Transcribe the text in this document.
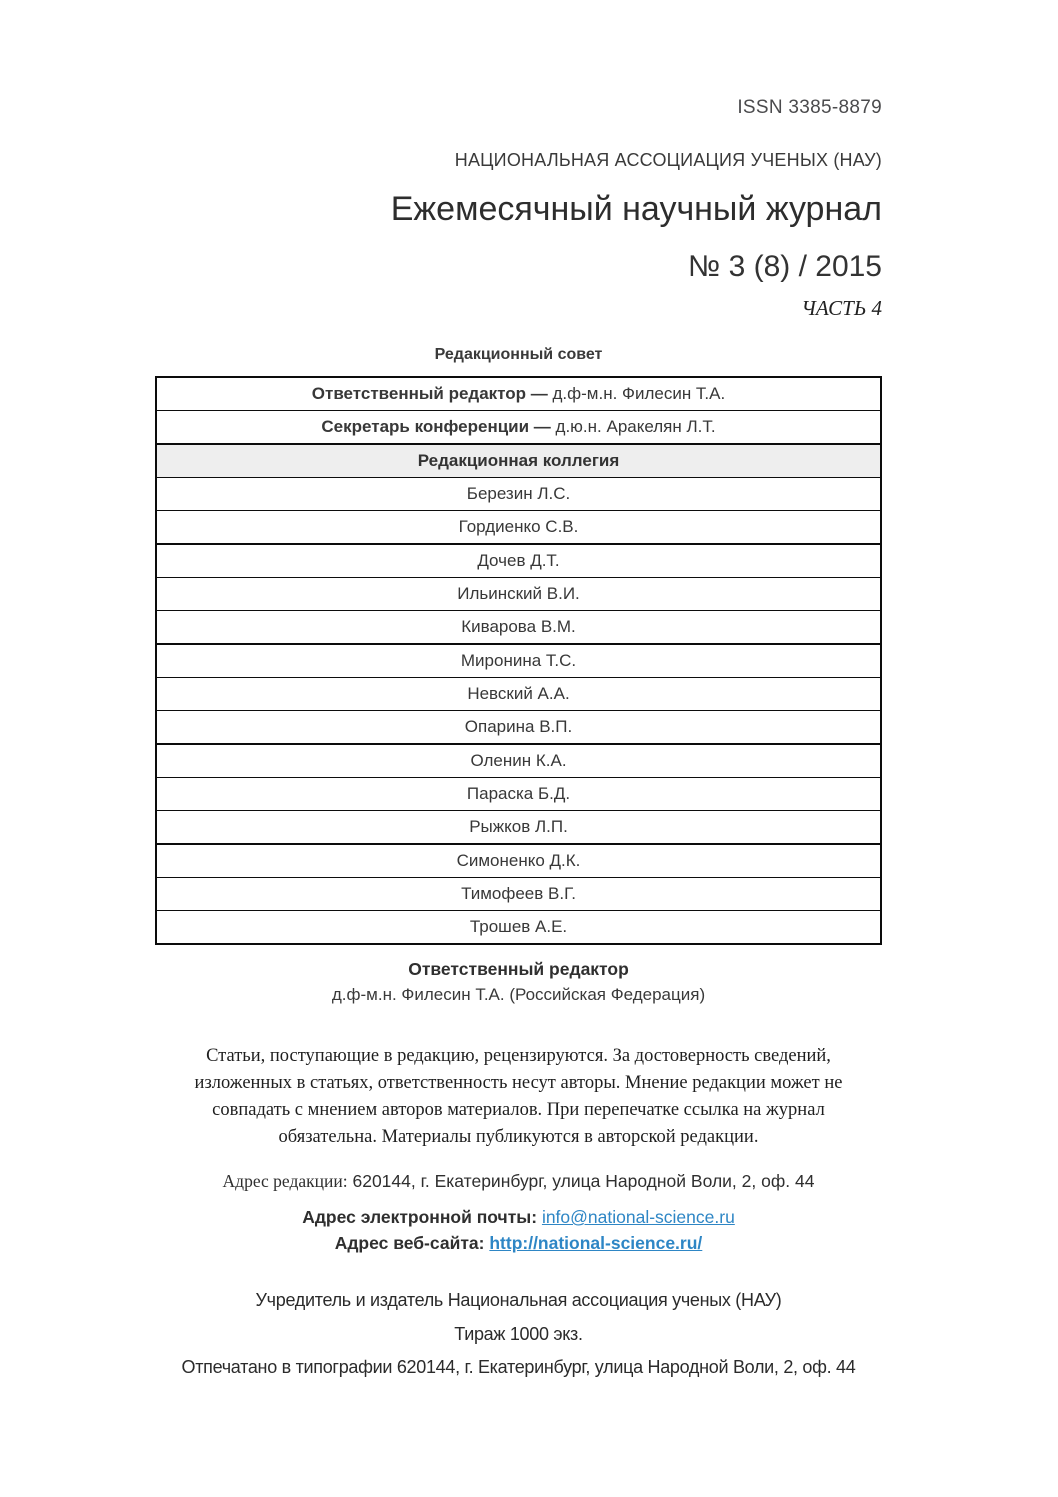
ISSN 3385-8879
НАЦИОНАЛЬНАЯ АССОЦИАЦИЯ УЧЕНЫХ (НАУ)
Ежемесячный научный журнал
№ 3 (8) / 2015
ЧАСТЬ 4
Редакционный совет
Ответственный редактор — д.ф-м.н. Филесин Т.А.
Секретарь конференции — д.ю.н. Аракелян Л.Т.
Редакционная коллегия
Березин Л.С.
Гордиенко С.В.
Дочев Д.Т.
Ильинский В.И.
Киварова В.М.
Миронина Т.С.
Невский А.А.
Опарина В.П.
Оленин К.А.
Параска Б.Д.
Рыжков Л.П.
Симоненко Д.К.
Тимофеев В.Г.
Трошев А.Е.
Ответственный редактор
д.ф-м.н. Филесин Т.А. (Российская Федерация)
Статьи, поступающие в редакцию, рецензируются. За достоверность сведений, изложенных в статьях, ответственность несут авторы. Мнение редакции может не совпадать с мнением авторов материалов. При перепечатке ссылка на журнал обязательна. Материалы публикуются в авторской редакции.
Адрес редакции: 620144, г. Екатеринбург, улица Народной Воли, 2, оф. 44
Адрес электронной почты: info@national-science.ru
Адрес веб-сайта: http://national-science.ru/
Учредитель и издатель Национальная ассоциация ученых (НАУ)
Тираж 1000 экз.
Отпечатано в типографии 620144, г. Екатеринбург, улица Народной Воли, 2, оф. 44
